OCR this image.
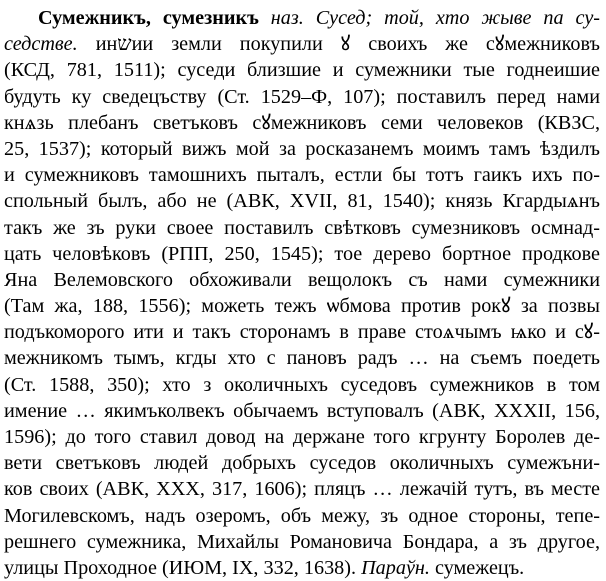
Сумежникъ, сумезникъ наз. Сусед; той, хто жыве па су-
седстве. инשии земли покупили ꙋ своихъ же сꙋмежниковъ
(КСД, 781, 1511); суседи близшие и сумежники тые годнеишие
будуть ку сведецъству (Ст. 1529–Ф, 107); поставилъ перед нами
кнѧзь плебанъ светъковъ сꙋмежниковъ семи человеков (КВЗС,
25, 1537); который вижъ мой за росказанемъ моимъ тамъ ѣздилъ
и сумежниковъ тамошнихъ пыталъ, естли бы тотъ гаикъ ихъ по-
спольный былъ, або не (АВК, XVII, 81, 1540); князь Кгардыѧнъ
такъ же зъ руки своее поставилъ свѣтковъ сумезниковъ осмнад-
цать человѣковъ (РПП, 250, 1545); тое дерево бортное продкове
Яна Велемовского обхоживали вещолокъ съ нами сумежники
(Там жа, 188, 1556); можеть тежъ ѡбмова против рокꙋ за позвы
подъкоморого ити и такъ сторонамъ в праве стоѧчымъ ѩко и сꙋ-
межникомъ тымъ, кгды хто с пановъ радъ … на съемъ поедеть
(Ст. 1588, 350); хто з околичныхъ суседовъ сумежников в том
имение … якимъколвекъ обычаемъ вступовалъ (АВК, XXXII, 156,
1596); до того ставил довод на держане того кгрунту Боролев де-
вети светъковъ людей добрыхъ суседов околичныхъ сумежъни-
ков своих (АВК, XXX, 317, 1606); пляцъ … лежачій тутъ, въ месте
Могилевскомъ, надъ озеромъ, объ межу, зъ одное стороны, тепе-
решнего сумежника, Михайлы Романовича Бондара, а зъ другое,
улицы Проходное (ИЮМ, IX, 332, 1638). Параўн. сумежецъ.
